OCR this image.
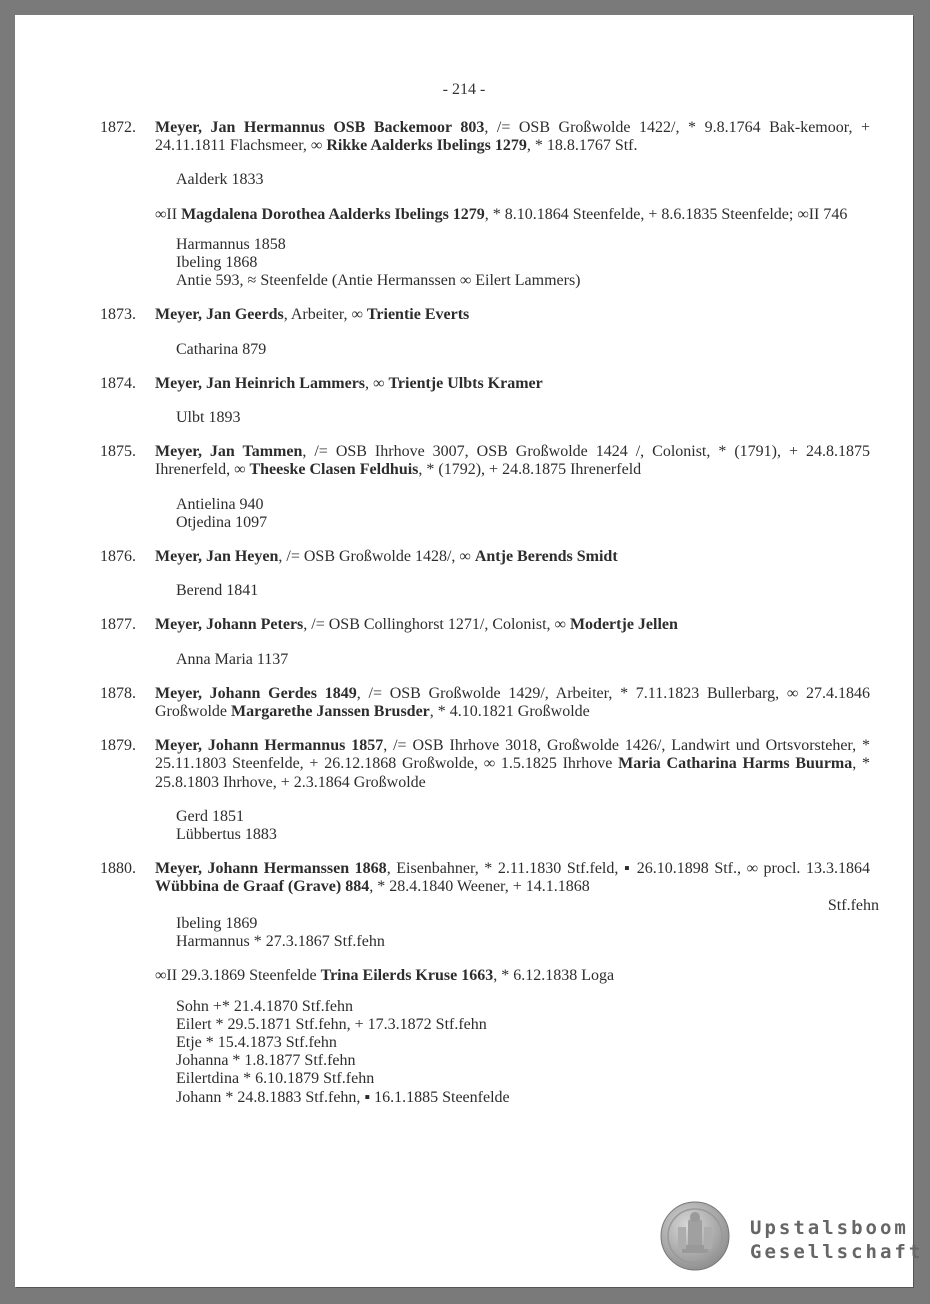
- 214 -
1872. Meyer, Jan Hermannus OSB Backemoor 803, /= OSB Großwolde 1422/, * 9.8.1764 Bak-kemoor, + 24.11.1811 Flachsmeer, ∞ Rikke Aalderks Ibelings 1279, * 18.8.1767 Stf.
Aalderk 1833
∞II Magdalena Dorothea Aalderks Ibelings 1279, * 8.10.1864 Steenfelde, + 8.6.1835 Steenfelde; ∞II 746
Harmannus 1858
Ibeling 1868
Antie 593, ≈ Steenfelde (Antie Hermanssen ∞ Eilert Lammers)
1873. Meyer, Jan Geerds, Arbeiter, ∞ Trientie Everts
Catharina 879
1874. Meyer, Jan Heinrich Lammers, ∞ Trientje Ulbts Kramer
Ulbt 1893
1875. Meyer, Jan Tammen, /= OSB Ihrhove 3007, OSB Großwolde 1424 /, Colonist, * (1791), + 24.8.1875 Ihrenerfeld, ∞ Theeske Clasen Feldhuis, * (1792), + 24.8.1875 Ihrenerfeld
Antielina 940
Otjedina 1097
1876. Meyer, Jan Heyen, /= OSB Großwolde 1428/, ∞ Antje Berends Smidt
Berend 1841
1877. Meyer, Johann Peters, /= OSB Collinghorst 1271/, Colonist, ∞ Modertje Jellen
Anna Maria 1137
1878. Meyer, Johann Gerdes 1849, /= OSB Großwolde 1429/, Arbeiter, * 7.11.1823 Bullerbarg, ∞ 27.4.1846 Großwolde Margarethe Janssen Brusder, * 4.10.1821 Großwolde
1879. Meyer, Johann Hermannus 1857, /= OSB Ihrhove 3018, Großwolde 1426/, Landwirt und Ortsvorsteher, * 25.11.1803 Steenfelde, + 26.12.1868 Großwolde, ∞ 1.5.1825 Ihrhove Maria Catharina Harms Buurma, * 25.8.1803 Ihrhove, + 2.3.1864 Großwolde
Gerd 1851
Lübbertus 1883
1880. Meyer, Johann Hermanssen 1868, Eisenbahner, * 2.11.1830 Stf.feld, ▪ 26.10.1898 Stf., ∞ procl. 13.3.1864 Wübbina de Graaf (Grave) 884, * 28.4.1840 Weener, + 14.1.1868
Stf.fehn
Ibeling 1869
Harmannus * 27.3.1867 Stf.fehn
∞II 29.3.1869 Steenfelde Trina Eilerds Kruse 1663, * 6.12.1838 Loga
Sohn +* 21.4.1870 Stf.fehn
Eilert * 29.5.1871 Stf.fehn, + 17.3.1872 Stf.fehn
Etje * 15.4.1873 Stf.fehn
Johanna * 1.8.1877 Stf.fehn
Eilertdina * 6.10.1879 Stf.fehn
Johann * 24.8.1883 Stf.fehn, ▪ 16.1.1885 Steenfelde
Upstalsboom
Gesellschaft
